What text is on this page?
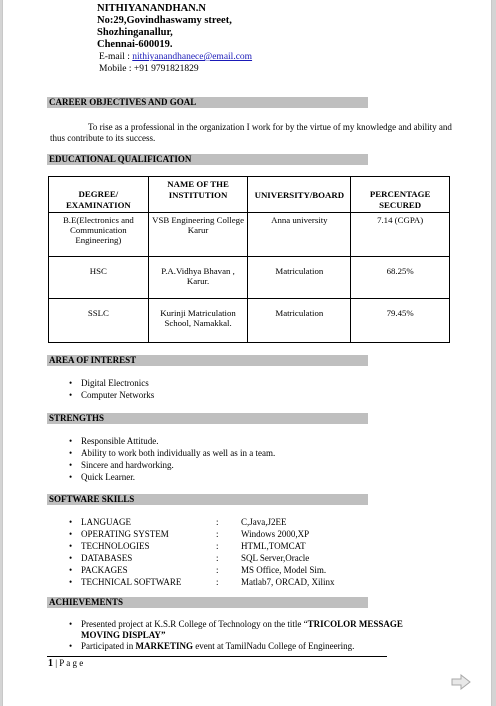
NITHIYANANDHAN.N
No:29,Govindhaswamy street,
Shozhinganallur,
Chennai-600019.
E-mail : nithiyanandhanece@email.com
Mobile : +91 9791821829
CAREER OBJECTIVES AND GOAL
To rise as a professional in the organization I work for by the virtue of my knowledge and ability and thus contribute to its success.
EDUCATIONAL QUALIFICATION
DEGREE/ EXAMINATION	NAME OF THE INSTITUTION	UNIVERSITY/BOARD	PERCENTAGE SECURED
B.E(Electronics and Communication Engineering)	VSB Engineering College Karur	Anna university	7.14 (CGPA)
HSC	P.A.Vidhya Bhavan , Karur.	Matriculation	68.25%
SSLC	Kurinji Matriculation School, Namakkal.	Matriculation	79.45%
AREA OF INTEREST
• Digital Electronics
• Computer Networks
STRENGTHS
• Responsible Attitude.
• Ability to work both individually as well as in a team.
• Sincere and hardworking.
• Quick Learner.
SOFTWARE SKILLS
LANGUAGE	: C,Java,J2EE
OPERATING SYSTEM	: Windows 2000,XP
TECHNOLOGIES	: HTML,TOMCAT
DATABASES	: SQL Server,Oracle
PACKAGES	: MS Office, Model Sim.
TECHNICAL SOFTWARE	: Matlab7, ORCAD, Xilinx
ACHIEVEMENTS
• Presented project at K.S.R College of Technology on the title “TRICOLOR MESSAGE MOVING DISPLAY”
• Participated in MARKETING event at TamilNadu College of Engineering.
1 | P a g e
